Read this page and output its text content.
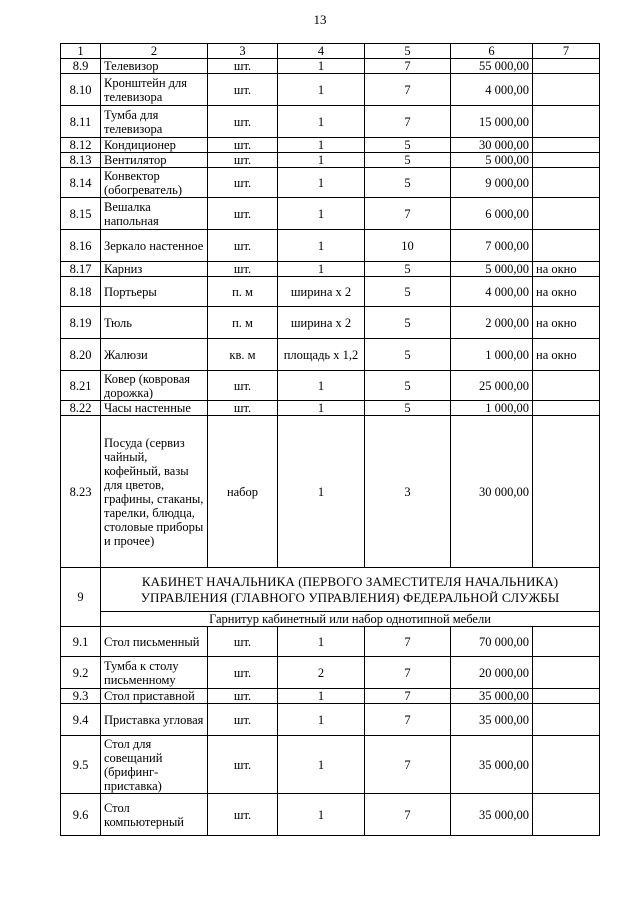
13
1	2	3	4	5	6	7
8.9	Телевизор	шт.	1	7	55 000,00	
8.10	Кронштейн для телевизора	шт.	1	7	4 000,00	
8.11	Тумба для телевизора	шт.	1	7	15 000,00	
8.12	Кондиционер	шт.	1	5	30 000,00	
8.13	Вентилятор	шт.	1	5	5 000,00	
8.14	Конвектор (обогреватель)	шт.	1	5	9 000,00	
8.15	Вешалка напольная	шт.	1	7	6 000,00	
8.16	Зеркало настенное	шт.	1	10	7 000,00	
8.17	Карниз	шт.	1	5	5 000,00	на окно
8.18	Портьеры	п. м	ширина х 2	5	4 000,00	на окно
8.19	Тюль	п. м	ширина х 2	5	2 000,00	на окно
8.20	Жалюзи	кв. м	площадь х 1,2	5	1 000,00	на окно
8.21	Ковер (ковровая дорожка)	шт.	1	5	25 000,00	
8.22	Часы настенные	шт.	1	5	1 000,00	
8.23	Посуда (сервиз чайный, кофейный, вазы для цветов, графины, стаканы, тарелки, блюдца, столовые приборы и прочее)	набор	1	3	30 000,00	
9	КАБИНЕТ НАЧАЛЬНИКА (ПЕРВОГО ЗАМЕСТИТЕЛЯ НАЧАЛЬНИКА) УПРАВЛЕНИЯ (ГЛАВНОГО УПРАВЛЕНИЯ) ФЕДЕРАЛЬНОЙ СЛУЖБЫ					
	Гарнитур кабинетный или набор однотипной мебели					
9.1	Стол письменный	шт.	1	7	70 000,00	
9.2	Тумба к столу письменному	шт.	2	7	20 000,00	
9.3	Стол приставной	шт.	1	7	35 000,00	
9.4	Приставка угловая	шт.	1	7	35 000,00	
9.5	Стол для совещаний (брифинг-приставка)	шт.	1	7	35 000,00	
9.6	Стол компьютерный	шт.	1	7	35 000,00	
